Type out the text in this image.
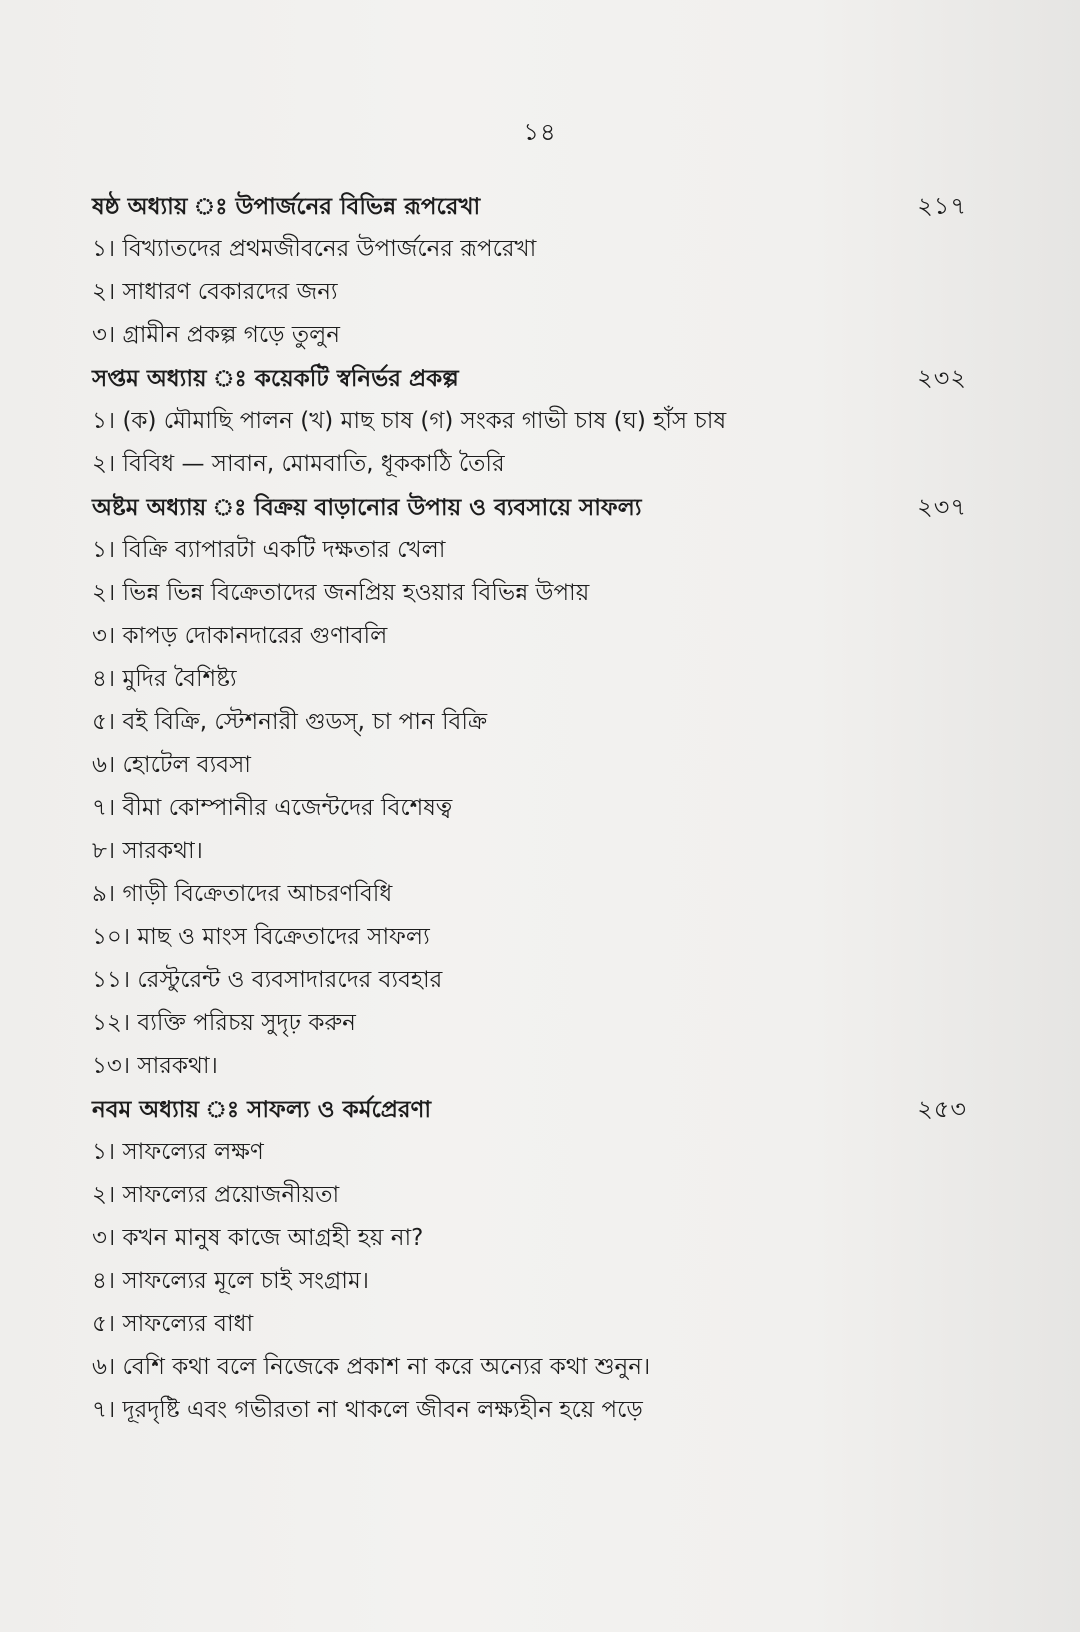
১৪
ষষ্ঠ অধ্যায় ঃ উপার্জনের বিভিন্ন রূপরেখা	২১৭
১। বিখ্যাতদের প্রথমজীবনের উপার্জনের রূপরেখা
২। সাধারণ বেকারদের জন্য
৩। গ্রামীন প্রকল্প গড়ে তুলুন
সপ্তম অধ্যায় ঃ কয়েকটি স্বনির্ভর প্রকল্প	২৩২
১। (ক) মৌমাছি পালন (খ) মাছ চাষ (গ) সংকর গাভী চাষ (ঘ) হাঁস চাষ
২। বিবিধ — সাবান, মোমবাতি, ধূককাঠি তৈরি
অষ্টম অধ্যায় ঃ বিক্রয় বাড়ানোর উপায় ও ব্যবসায়ে সাফল্য	২৩৭
১। বিক্রি ব্যাপারটা একটি দক্ষতার খেলা
২। ভিন্ন ভিন্ন বিক্রেতাদের জনপ্রিয় হওয়ার বিভিন্ন উপায়
৩। কাপড় দোকানদারের গুণাবলি
৪। মুদির বৈশিষ্ট্য
৫। বই বিক্রি, স্টেশনারী গুডস্‌, চা পান বিক্রি
৬। হোটেল ব্যবসা
৭। বীমা কোম্পানীর এজেন্টদের বিশেষত্ব
৮। সারকথা।
৯। গাড়ী বিক্রেতাদের আচরণবিধি
১০। মাছ ও মাংস বিক্রেতাদের সাফল্য
১১। রেস্টুরেন্ট ও ব্যবসাদারদের ব্যবহার
১২। ব্যক্তি পরিচয় সুদৃঢ় করুন
১৩। সারকথা।
নবম অধ্যায় ঃ সাফল্য ও কর্মপ্রেরণা	২৫৩
১। সাফল্যের লক্ষণ
২। সাফল্যের প্রয়োজনীয়তা
৩। কখন মানুষ কাজে আগ্রহী হয় না?
৪। সাফল্যের মূলে চাই সংগ্রাম।
৫। সাফল্যের বাধা
৬। বেশি কথা বলে নিজেকে প্রকাশ না করে অন্যের কথা শুনুন।
৭। দূরদৃষ্টি এবং গভীরতা না থাকলে জীবন লক্ষ্যহীন হয়ে পড়ে
